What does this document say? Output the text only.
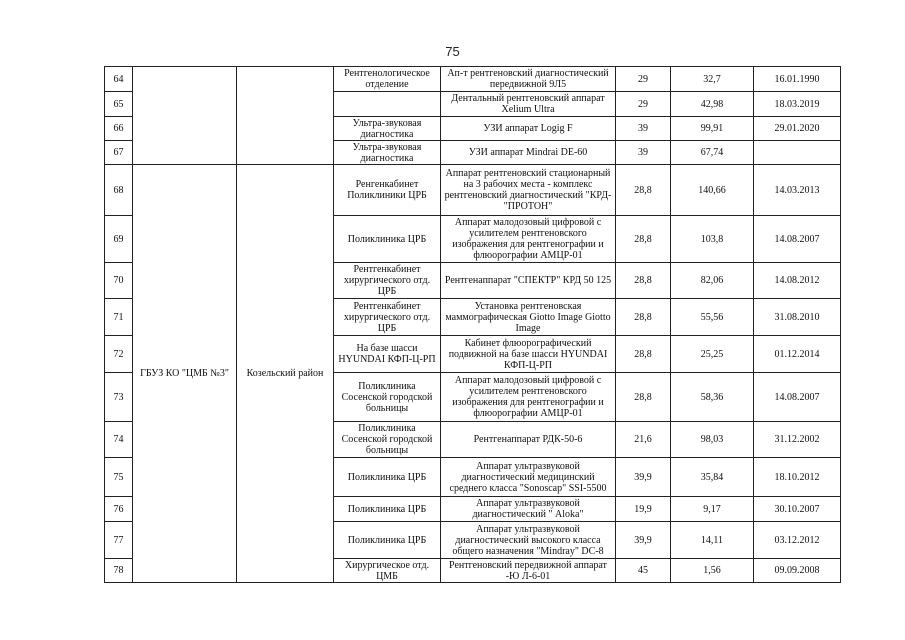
75
64			Рентгенологическое отделение	Ап-т рентгеновский диагностический передвижной 9Л5	29	32,7	16.01.1990
65				Дентальный рентгеновский аппарат Xelium Ultra	29	42,98	18.03.2019
66			Ультра-звуковая диагностика	УЗИ аппарат Logig F	39	99,91	29.01.2020
67			Ультра-звуковая диагностика	УЗИ аппарат Mindrai DE-60	39	67,74	
68	ГБУЗ КО "ЦМБ №3"	Козельский район	Ренгенкабинет Поликлиники ЦРБ	Аппарат рентгеновский стационарный на 3 рабочих места - комплекс рентгеновский диагностический "КРД-"ПРОТОН"	28,8	140,66	14.03.2013
69			Поликлиника ЦРБ	Аппарат малодозовый цифровой с усилителем рентгеновского изображения для рентгенографии и флюорографии АМЦР-01	28,8	103,8	14.08.2007
70			Рентгенкабинет хирургического отд. ЦРБ	Рентгенаппарат "СПЕКТР" КРД 50 125	28,8	82,06	14.08.2012
71			Рентгенкабинет хирургического отд. ЦРБ	Установка рентгеновская маммографическая Giotto Image Giotto Image	28,8	55,56	31.08.2010
72			На базе шасси HYUNDAI КФП-Ц-РП	Кабинет флюорографический подвижной на базе шасси HYUNDAI КФП-Ц-РП	28,8	25,25	01.12.2014
73			Поликлиника Сосенской городской больницы	Аппарат малодозовый цифровой с усилителем рентгеновского изображения для рентгенографии и флюорографии АМЦР-01	28,8	58,36	14.08.2007
74			Поликлиника Сосенской городской больницы	Рентгенаппарат РДК-50-6	21,6	98,03	31.12.2002
75			Поликлиника ЦРБ	Аппарат ультразвуковой диагностический медицинский среднего класса "Sonoscap" SSI-5500	39,9	35,84	18.10.2012
76			Поликлиника ЦРБ	Аппарат ультразвуковой диагностический " Aloka"	19,9	9,17	30.10.2007
77			Поликлиника ЦРБ	Аппарат ультразвуковой диагностический высокого класса общего назначения "Mindray" DC-8	39,9	14,11	03.12.2012
78			Хирургическое отд. ЦМБ	Рентгеновский передвижной аппарат -Ю Л-6-01	45	1,56	09.09.2008
